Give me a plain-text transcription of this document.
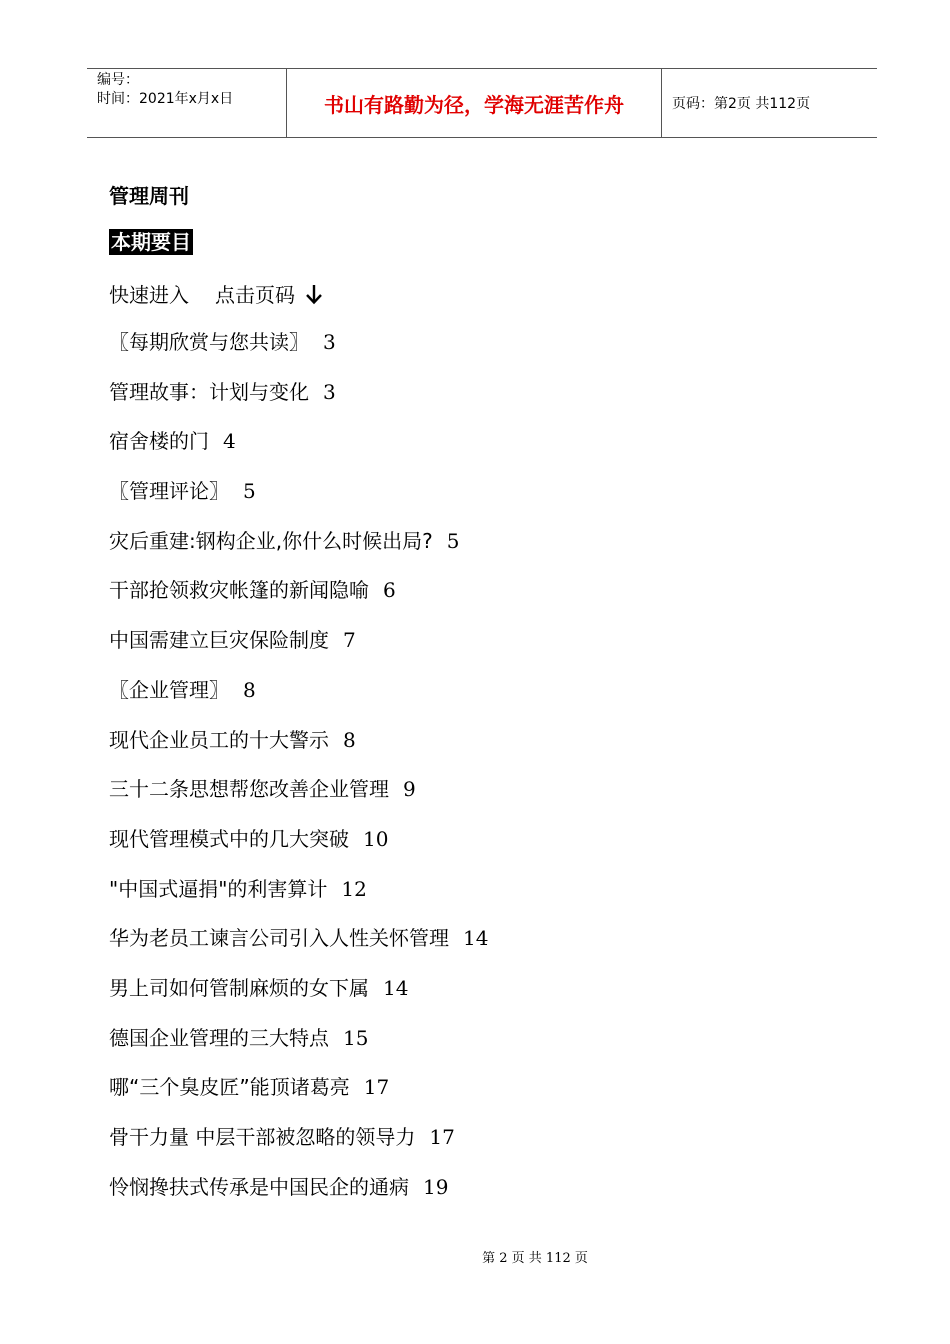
编号：
时间：2021年x月x日	书山有路勤为径，学海无涯苦作舟	页码：第2页 共112页
管理周刊
本期要目
快速进入 点击页码
〖每期欣赏与您共读〗 3
管理故事：计划与变化 3
宿舍楼的门 4
〖管理评论〗 5
灾后重建:钢构企业,你什么时候出局? 5
干部抢领救灾帐篷的新闻隐喻 6
中国需建立巨灾保险制度 7
〖企业管理〗 8
现代企业员工的十大警示 8
三十二条思想帮您改善企业管理 9
现代管理模式中的几大突破 10
"中国式逼捐"的利害算计 12
华为老员工谏言公司引入人性关怀管理 14
男上司如何管制麻烦的女下属 14
德国企业管理的三大特点 15
哪“三个臭皮匠”能顶诸葛亮 17
骨干力量 中层干部被忽略的领导力 17
怜悯搀扶式传承是中国民企的通病 19
第 2 页 共 112 页
